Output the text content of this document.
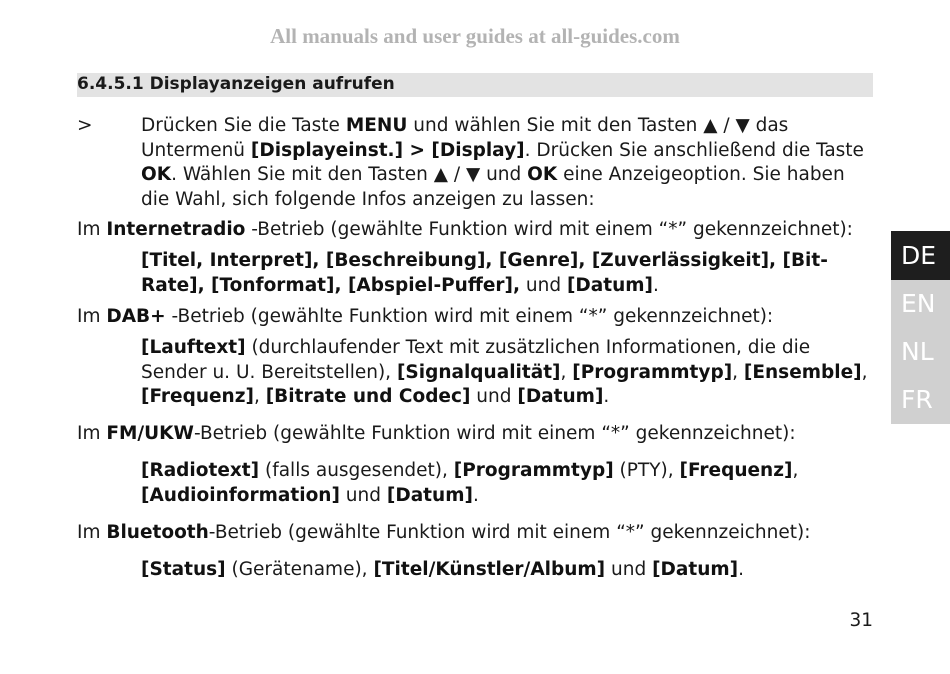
All manuals and user guides at all-guides.com
6.4.5.1 Displayanzeigen aufrufen
>	Drücken Sie die Taste MENU und wählen Sie mit den Tasten ▲ / ▼ das Untermenü [Displayeinst.] > [Display]. Drücken Sie anschließend die Taste OK. Wählen Sie mit den Tasten ▲ / ▼ und OK eine Anzeigeoption. Sie haben die Wahl, sich folgende Infos anzeigen zu lassen:
Im Internetradio -Betrieb (gewählte Funktion wird mit einem “*” gekennzeichnet):
[Titel, Interpret], [Beschreibung], [Genre], [Zuverlässigkeit], [Bit-Rate], [Tonformat], [Abspiel-Puffer], und [Datum].
Im DAB+ -Betrieb (gewählte Funktion wird mit einem “*” gekennzeichnet):
[Lauftext] (durchlaufender Text mit zusätzlichen Informationen, die die Sender u. U. Bereitstellen), [Signalqualität], [Programmtyp], [Ensemble], [Frequenz], [Bitrate und Codec] und [Datum].
Im FM/UKW-Betrieb (gewählte Funktion wird mit einem “*” gekennzeichnet):
[Radiotext] (falls ausgesendet), [Programmtyp] (PTY), [Frequenz], [Audioinformation] und [Datum].
Im Bluetooth-Betrieb (gewählte Funktion wird mit einem “*” gekennzeichnet):
[Status] (Gerätename), [Titel/Künstler/Album] und [Datum].
31
DE
EN
NL
FR
